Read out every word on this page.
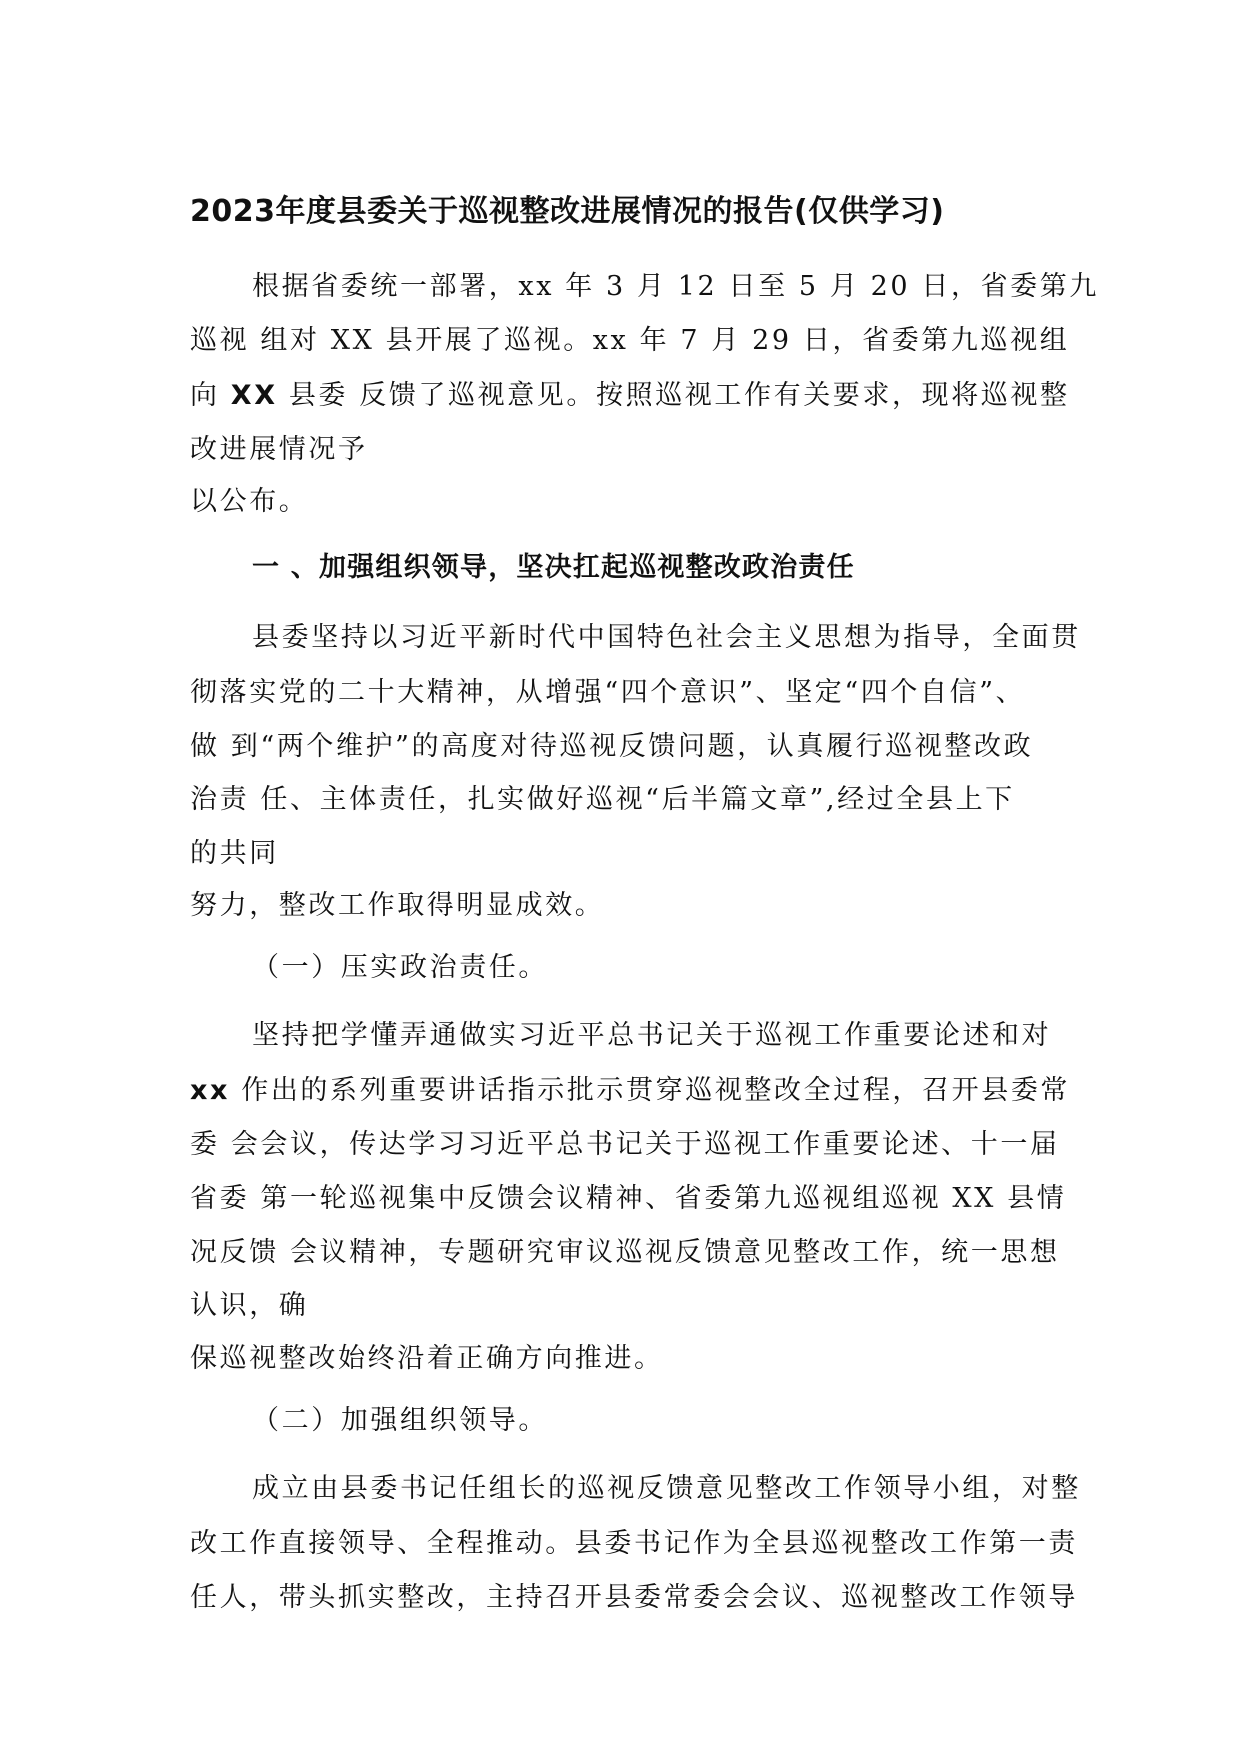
2023年度县委关于巡视整改进展情况的报告(仅供学习)
根据省委统一部署，xx 年 3 月 12 日至 5 月 20 日，省委第九
巡视 组对 XX 县开展了巡视。xx 年 7 月 29 日，省委第九巡视组
向 XX 县委 反馈了巡视意见。按照巡视工作有关要求，现将巡视整
改进展情况予
以公布。
一 、加强组织领导，坚决扛起巡视整改政治责任
县委坚持以习近平新时代中国特色社会主义思想为指导，全面贯
彻落实党的二十大精神，从增强“四个意识”、坚定“四个自信”、
做 到“两个维护”的高度对待巡视反馈问题，认真履行巡视整改政
治责 任、主体责任，扎实做好巡视“后半篇文章”,经过全县上下
的共同
努力，整改工作取得明显成效。
（一）压实政治责任。
坚持把学懂弄通做实习近平总书记关于巡视工作重要论述和对
xx 作出的系列重要讲话指示批示贯穿巡视整改全过程，召开县委常
委 会会议，传达学习习近平总书记关于巡视工作重要论述、十一届
省委 第一轮巡视集中反馈会议精神、省委第九巡视组巡视 XX 县情
况反馈 会议精神，专题研究审议巡视反馈意见整改工作，统一思想
认识，确
保巡视整改始终沿着正确方向推进。
（二）加强组织领导。
成立由县委书记任组长的巡视反馈意见整改工作领导小组，对整
改工作直接领导、全程推动。县委书记作为全县巡视整改工作第一责
任人，带头抓实整改，主持召开县委常委会会议、巡视整改工作领导
